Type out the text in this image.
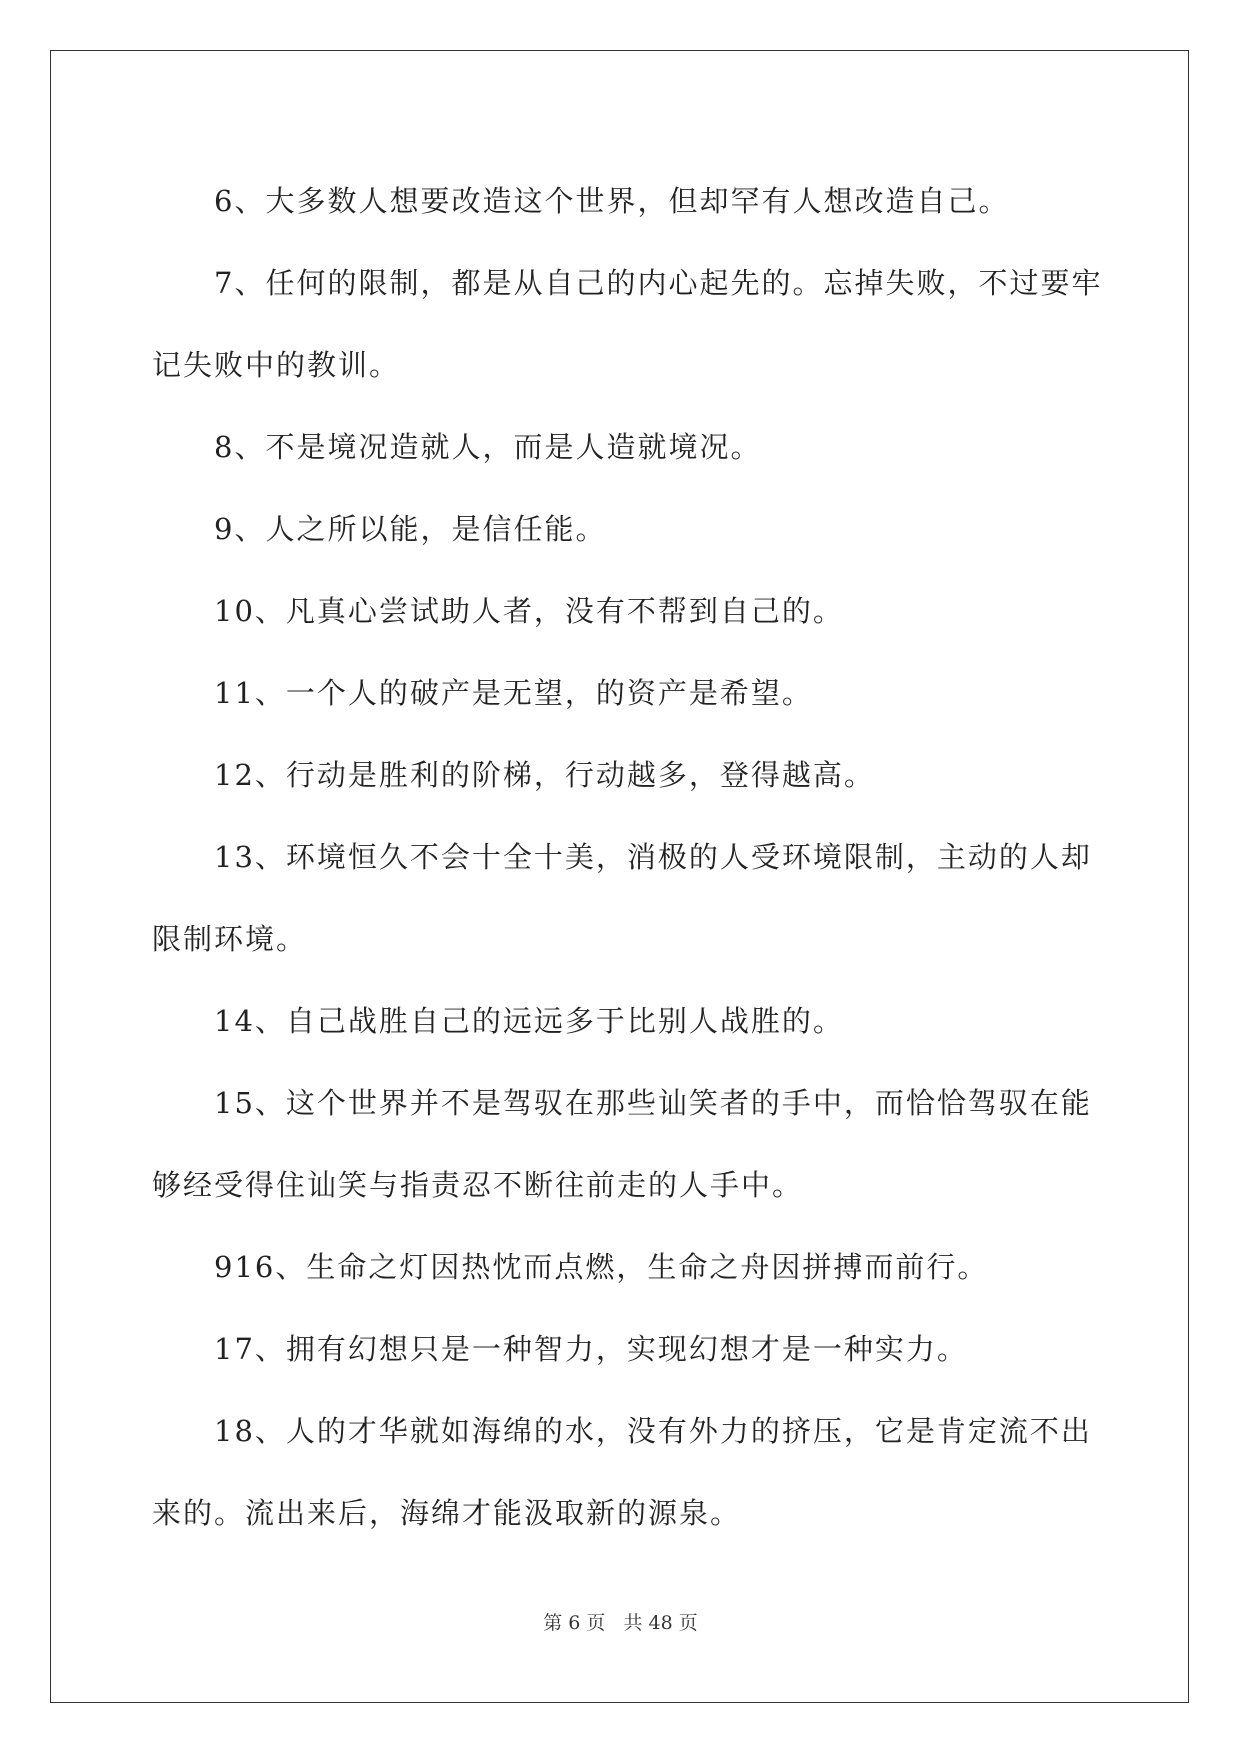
6、大多数人想要改造这个世界，但却罕有人想改造自己。

7、任何的限制，都是从自己的内心起先的。忘掉失败，不过要牢
记失败中的教训。

8、不是境况造就人，而是人造就境况。

9、人之所以能，是信任能。

10、凡真心尝试助人者，没有不帮到自己的。

11、一个人的破产是无望，的资产是希望。

12、行动是胜利的阶梯，行动越多，登得越高。

13、环境恒久不会十全十美，消极的人受环境限制，主动的人却
限制环境。

14、自己战胜自己的远远多于比别人战胜的。

15、这个世界并不是驾驭在那些讪笑者的手中，而恰恰驾驭在能
够经受得住讪笑与指责忍不断往前走的人手中。

916、生命之灯因热忱而点燃，生命之舟因拼搏而前行。

17、拥有幻想只是一种智力，实现幻想才是一种实力。

18、人的才华就如海绵的水，没有外力的挤压，它是肯定流不出
来的。流出来后，海绵才能汲取新的源泉。

第 6 页 共 48 页
